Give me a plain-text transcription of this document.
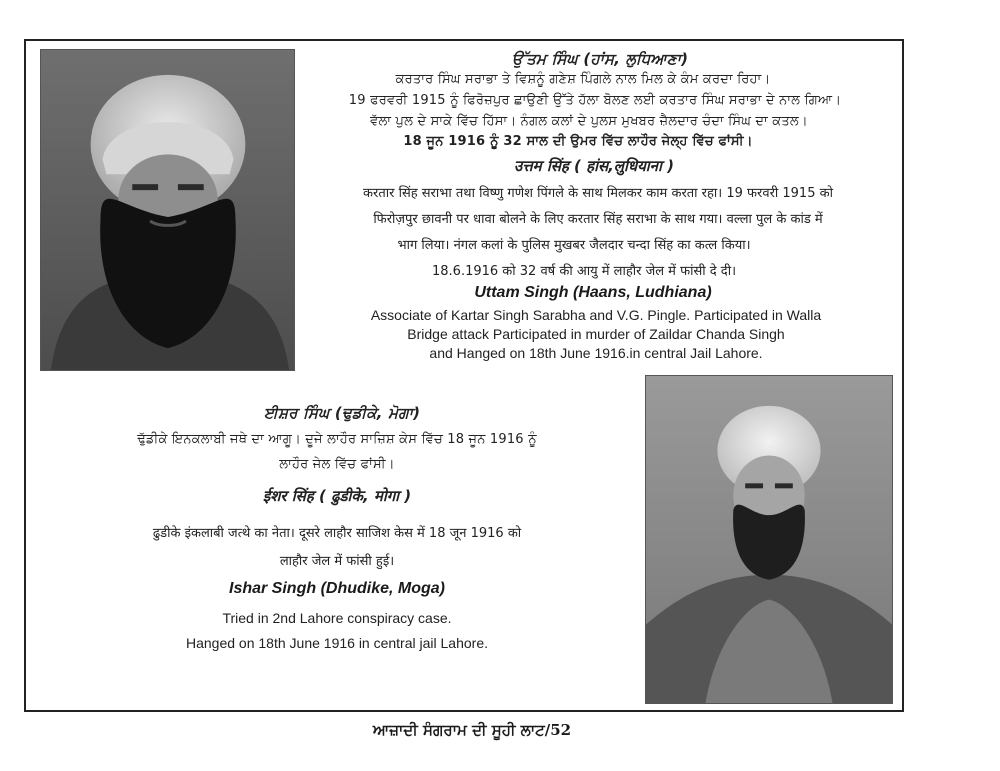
ਉੱਤਮ ਸਿੰਘ (ਹਾਂਸ, ਲੁਧਿਆਣਾ)
ਕਰਤਾਰ ਸਿੰਘ ਸਰਾਭਾ ਤੇ ਵਿਸ਼ਨੂੰ ਗਣੇਸ਼ ਪਿੰਗਲੇ ਨਾਲ ਮਿਲ ਕੇ ਕੰਮ ਕਰਦਾ ਰਿਹਾ।
19 ਫਰਵਰੀ 1915 ਨੂੰ ਫਿਰੋਜ਼ਪੁਰ ਛਾਉਣੀ ਉੱਤੇ ਹੱਲਾ ਬੋਲਣ ਲਈ ਕਰਤਾਰ ਸਿੰਘ ਸਰਾਭਾ ਦੇ ਨਾਲ ਗਿਆ।
ਵੱਲਾ ਪੁਲ ਦੇ ਸਾਕੇ ਵਿੱਚ ਹਿੱਸਾ। ਨੰਗਲ ਕਲਾਂ ਦੇ ਪੁਲਸ ਮੁਖਬਰ ਜ਼ੈਲਦਾਰ ਚੰਦਾ ਸਿੰਘ ਦਾ ਕਤਲ।
18 ਜੂਨ 1916 ਨੂੰ 32 ਸਾਲ ਦੀ ਉਮਰ ਵਿੱਚ ਲਾਹੌਰ ਜੇਲ੍ਹ ਵਿੱਚ ਫਾਂਸੀ।
उत्तम सिंह ( हांस,लुधियाना )
करतार सिंह सराभा तथा विष्णु गणेश पिंगले के साथ मिलकर काम करता रहा। 19 फरवरी 1915 को
फिरोज़पुर छावनी पर धावा बोलने के लिए करतार सिंह सराभा के साथ गया। वल्ला पुल के कांड में
भाग लिया। नंगल कलां के पुलिस मुखबर जैलदार चन्दा सिंह का कत्ल किया।
18.6.1916 को 32 वर्ष की आयु में लाहौर जेल में फांसी दे दी।
Uttam Singh (Haans, Ludhiana)
Associate of Kartar Singh Sarabha and V.G. Pingle. Participated in Walla
Bridge attack Participated in murder of Zaildar Chanda Singh
and Hanged on 18th June 1916.in central Jail Lahore.
ਈਸ਼ਰ ਸਿੰਘ (ਢੁਡੀਕੇ, ਮੋਗਾ)
ਢੁੱਡੀਕੇ ਇਨਕਲਾਬੀ ਜਥੇ ਦਾ ਆਗੂ। ਦੂਜੇ ਲਾਹੌਰ ਸਾਜ਼ਿਸ਼ ਕੇਸ ਵਿੱਚ 18 ਜੂਨ 1916 ਨੂੰ
ਲਾਹੌਰ ਜੇਲ ਵਿੱਚ ਫਾਂਸੀ।
ईशर सिंह ( ढुडीके, मोगा )
ढुडीके इंकलाबी जत्थे का नेता। दूसरे लाहौर साजिश केस में 18 जून 1916 को
लाहौर जेल में फांसी हुई।
Ishar Singh (Dhudike, Moga)
Tried in 2nd Lahore conspiracy case.
Hanged on 18th June 1916 in central jail Lahore.
ਆਜ਼ਾਦੀ ਸੰਗਰਾਮ ਦੀ ਸੂਹੀ ਲਾਟ/52
